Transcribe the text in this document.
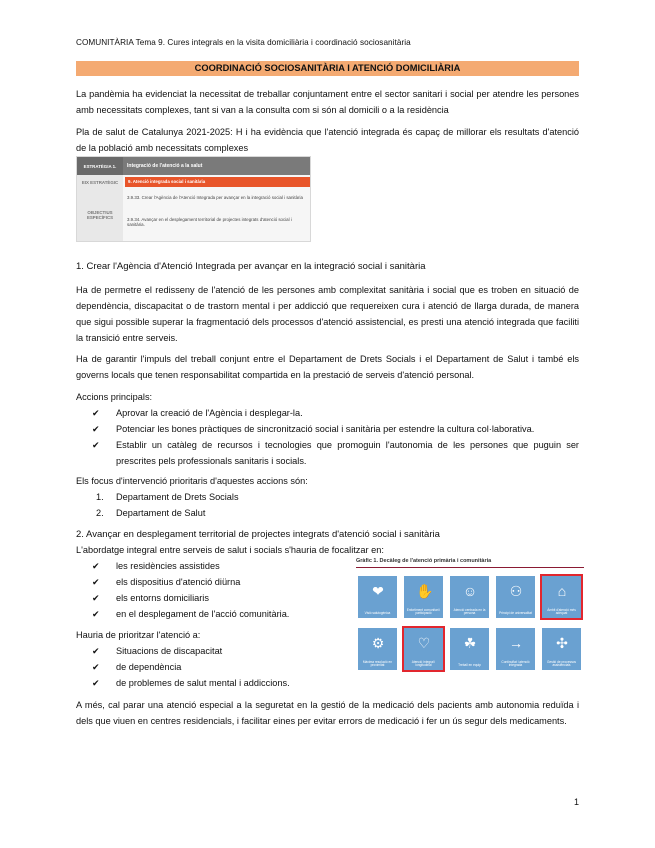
COMUNITÀRIA Tema 9. Cures integrals en la visita domiciliària i coordinació sociosanitària
COORDINACIÓ SOCIOSANITÀRIA I ATENCIÓ DOMICILIÀRIA
La pandèmia ha evidenciat la necessitat de treballar conjuntament entre el sector sanitari i social per atendre les persones amb necessitats complexes, tant si van a la consulta com si són al domicili o a la residència
Pla de salut de Catalunya 2021-2025: H i ha evidència que l'atenció integrada és capaç de millorar els resultats d'atenció de la població amb necessitats complexes
ESTRATÈGIA 1.	Integració de l'atenció a la salut
EIX ESTRATÈGIC	9. Atenció integrada social i sanitària
OBJECTIUS ESPECÍFICS
3.9.33. Crear l'Agència de l'Atenció Integrada per avançar en la integració social i sanitària
3.9.34. Avançar en el desplegament territorial de projectes integrats d'atenció social i sanitària.
1. Crear l'Agència d'Atenció Integrada per avançar en la integració social i sanitària
Ha de permetre el redisseny de l'atenció de les persones amb complexitat sanitària i social que es troben en situació de dependència, discapacitat o de trastorn mental i per addicció que requereixen cura i atenció de llarga durada, de manera que sigui possible superar la fragmentació dels processos d'atenció assistencial, es presti una atenció integrada que faciliti la transició entre serveis.
Ha de garantir l'impuls del treball conjunt entre el Departament de Drets Socials i el Departament de Salut i també els governs locals que tenen responsabilitat compartida en la prestació de serveis d'atenció personal.
Accions principals:
✔ Aprovar la creació de l'Agència i desplegar-la.
✔ Potenciar les bones pràctiques de sincronització social i sanitària per estendre la cultura col·laborativa.
✔ Establir un catàleg de recursos i tecnologies que promoguin l'autonomia de les persones que puguin ser prescrites pels professionals sanitaris i socials.
Els focus d'intervenció prioritaris d'aquestes accions són:
1. Departament de Drets Socials
2. Departament de Salut
2. Avançar en desplegament territorial de projectes integrats d'atenció social i sanitària
L'abordatge integral entre serveis de salut i socials s'hauria de focalitzar en:
✔ les residències assistides
✔ els dispositius d'atenció diürna
✔ els entorns domiciliaris
✔ en el desplegament de l'acció comunitària.
Hauria de prioritzar l'atenció a:
✔ Situacions de discapacitat
✔ de dependència
✔ de problemes de salut mental i addiccions.
Gràfic 1. Decàleg de l'atenció primària i comunitària
❤
Visió salutogènica
✋
Enfortiment comunitari i participació
☺
Atenció centrada en la persona
⚇
Principi de universalitat
⌂
Àmbit d'atenció més adequat
⚙
Màxima resolució en proximitat
♡
Atenció integral i longitudinal
☘
Treball en equip
→
Continuïtat i atenció integrada
✣
Gestió de processos assistencials
A més, cal parar una atenció especial a la seguretat en la gestió de la medicació dels pacients amb autonomia reduïda i dels que viuen en centres residencials, i facilitar eines per evitar errors de medicació i fer un ús segur dels medicaments.
1
